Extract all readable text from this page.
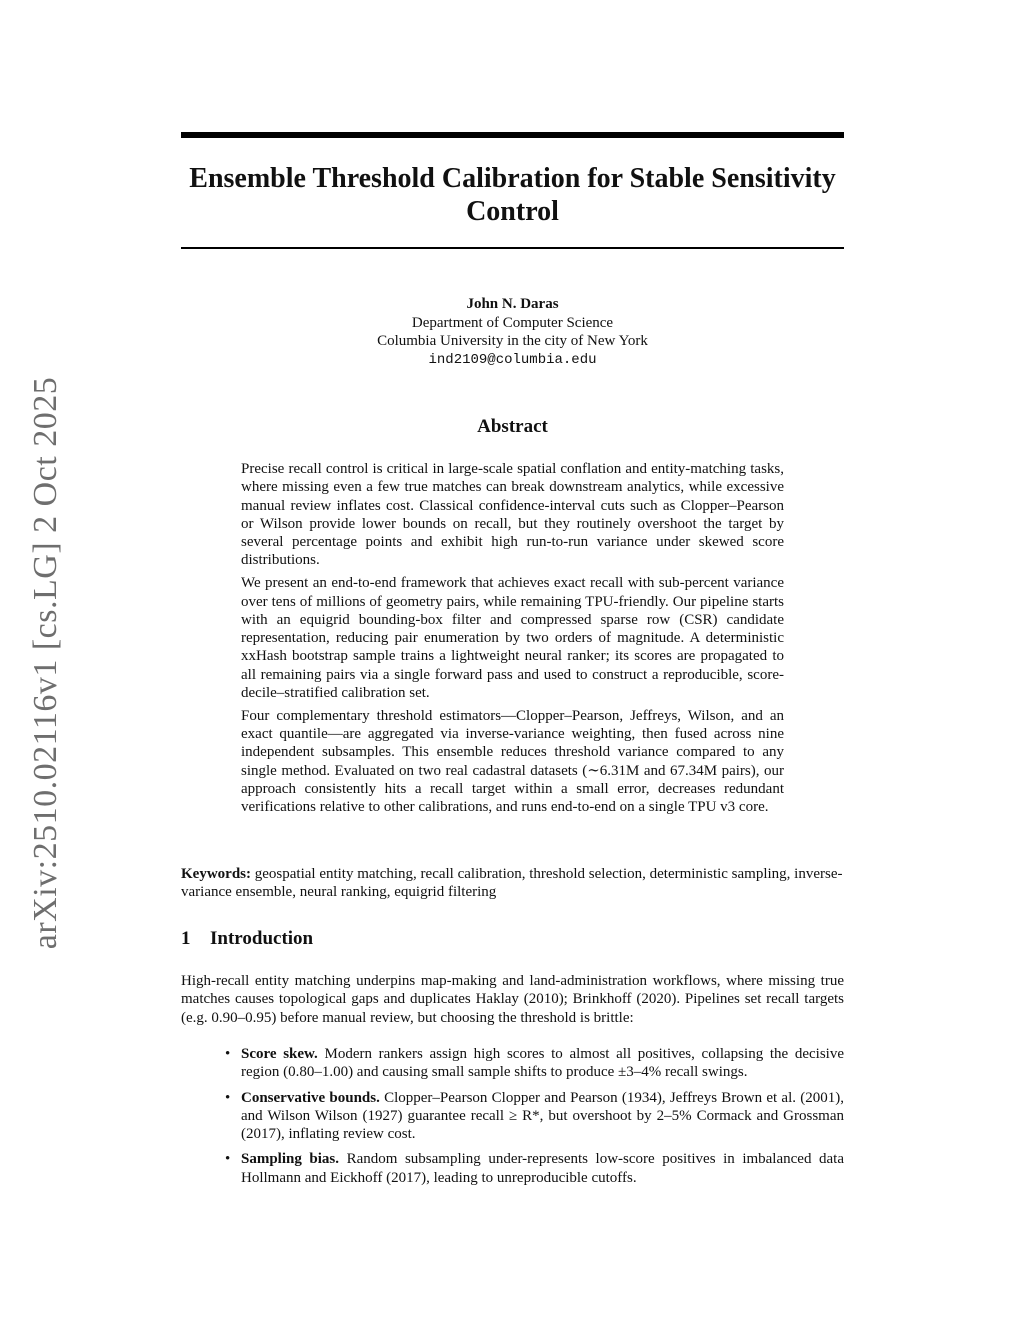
arXiv:2510.02116v1 [cs.LG] 2 Oct 2025
Ensemble Threshold Calibration for Stable Sensitivity Control
John N. Daras
Department of Computer Science
Columbia University in the city of New York
ind2109@columbia.edu
Abstract

Precise recall control is critical in large-scale spatial conflation and entity-matching tasks, where missing even a few true matches can break downstream analytics, while excessive manual review inflates cost. Classical confidence-interval cuts such as Clopper–Pearson or Wilson provide lower bounds on recall, but they routinely overshoot the target by several percentage points and exhibit high run-to-run variance under skewed score distributions.

We present an end-to-end framework that achieves exact recall with sub-percent variance over tens of millions of geometry pairs, while remaining TPU-friendly. Our pipeline starts with an equigrid bounding-box filter and compressed sparse row (CSR) candidate representation, reducing pair enumeration by two orders of magnitude. A deterministic xxHash bootstrap sample trains a lightweight neural ranker; its scores are propagated to all remaining pairs via a single forward pass and used to construct a reproducible, score-decile–stratified calibration set.

Four complementary threshold estimators—Clopper–Pearson, Jeffreys, Wilson, and an exact quantile—are aggregated via inverse-variance weighting, then fused across nine independent subsamples. This ensemble reduces threshold variance compared to any single method. Evaluated on two real cadastral datasets (∼6.31M and 67.34M pairs), our approach consistently hits a recall target within a small error, decreases redundant verifications relative to other calibrations, and runs end-to-end on a single TPU v3 core.

Keywords: geospatial entity matching, recall calibration, threshold selection, deterministic sampling, inverse-variance ensemble, neural ranking, equigrid filtering
1 Introduction

High-recall entity matching underpins map-making and land-administration workflows, where missing true matches causes topological gaps and duplicates Haklay (2010); Brinkhoff (2020). Pipelines set recall targets (e.g. 0.90–0.95) before manual review, but choosing the threshold is brittle:

• Score skew. Modern rankers assign high scores to almost all positives, collapsing the decisive region (0.80–1.00) and causing small sample shifts to produce ±3–4% recall swings.
• Conservative bounds. Clopper–Pearson Clopper and Pearson (1934), Jeffreys Brown et al. (2001), and Wilson Wilson (1927) guarantee recall ≥ R*, but overshoot by 2–5% Cormack and Grossman (2017), inflating review cost.
• Sampling bias. Random subsampling under-represents low-score positives in imbalanced data Hollmann and Eickhoff (2017), leading to unreproducible cutoffs.
